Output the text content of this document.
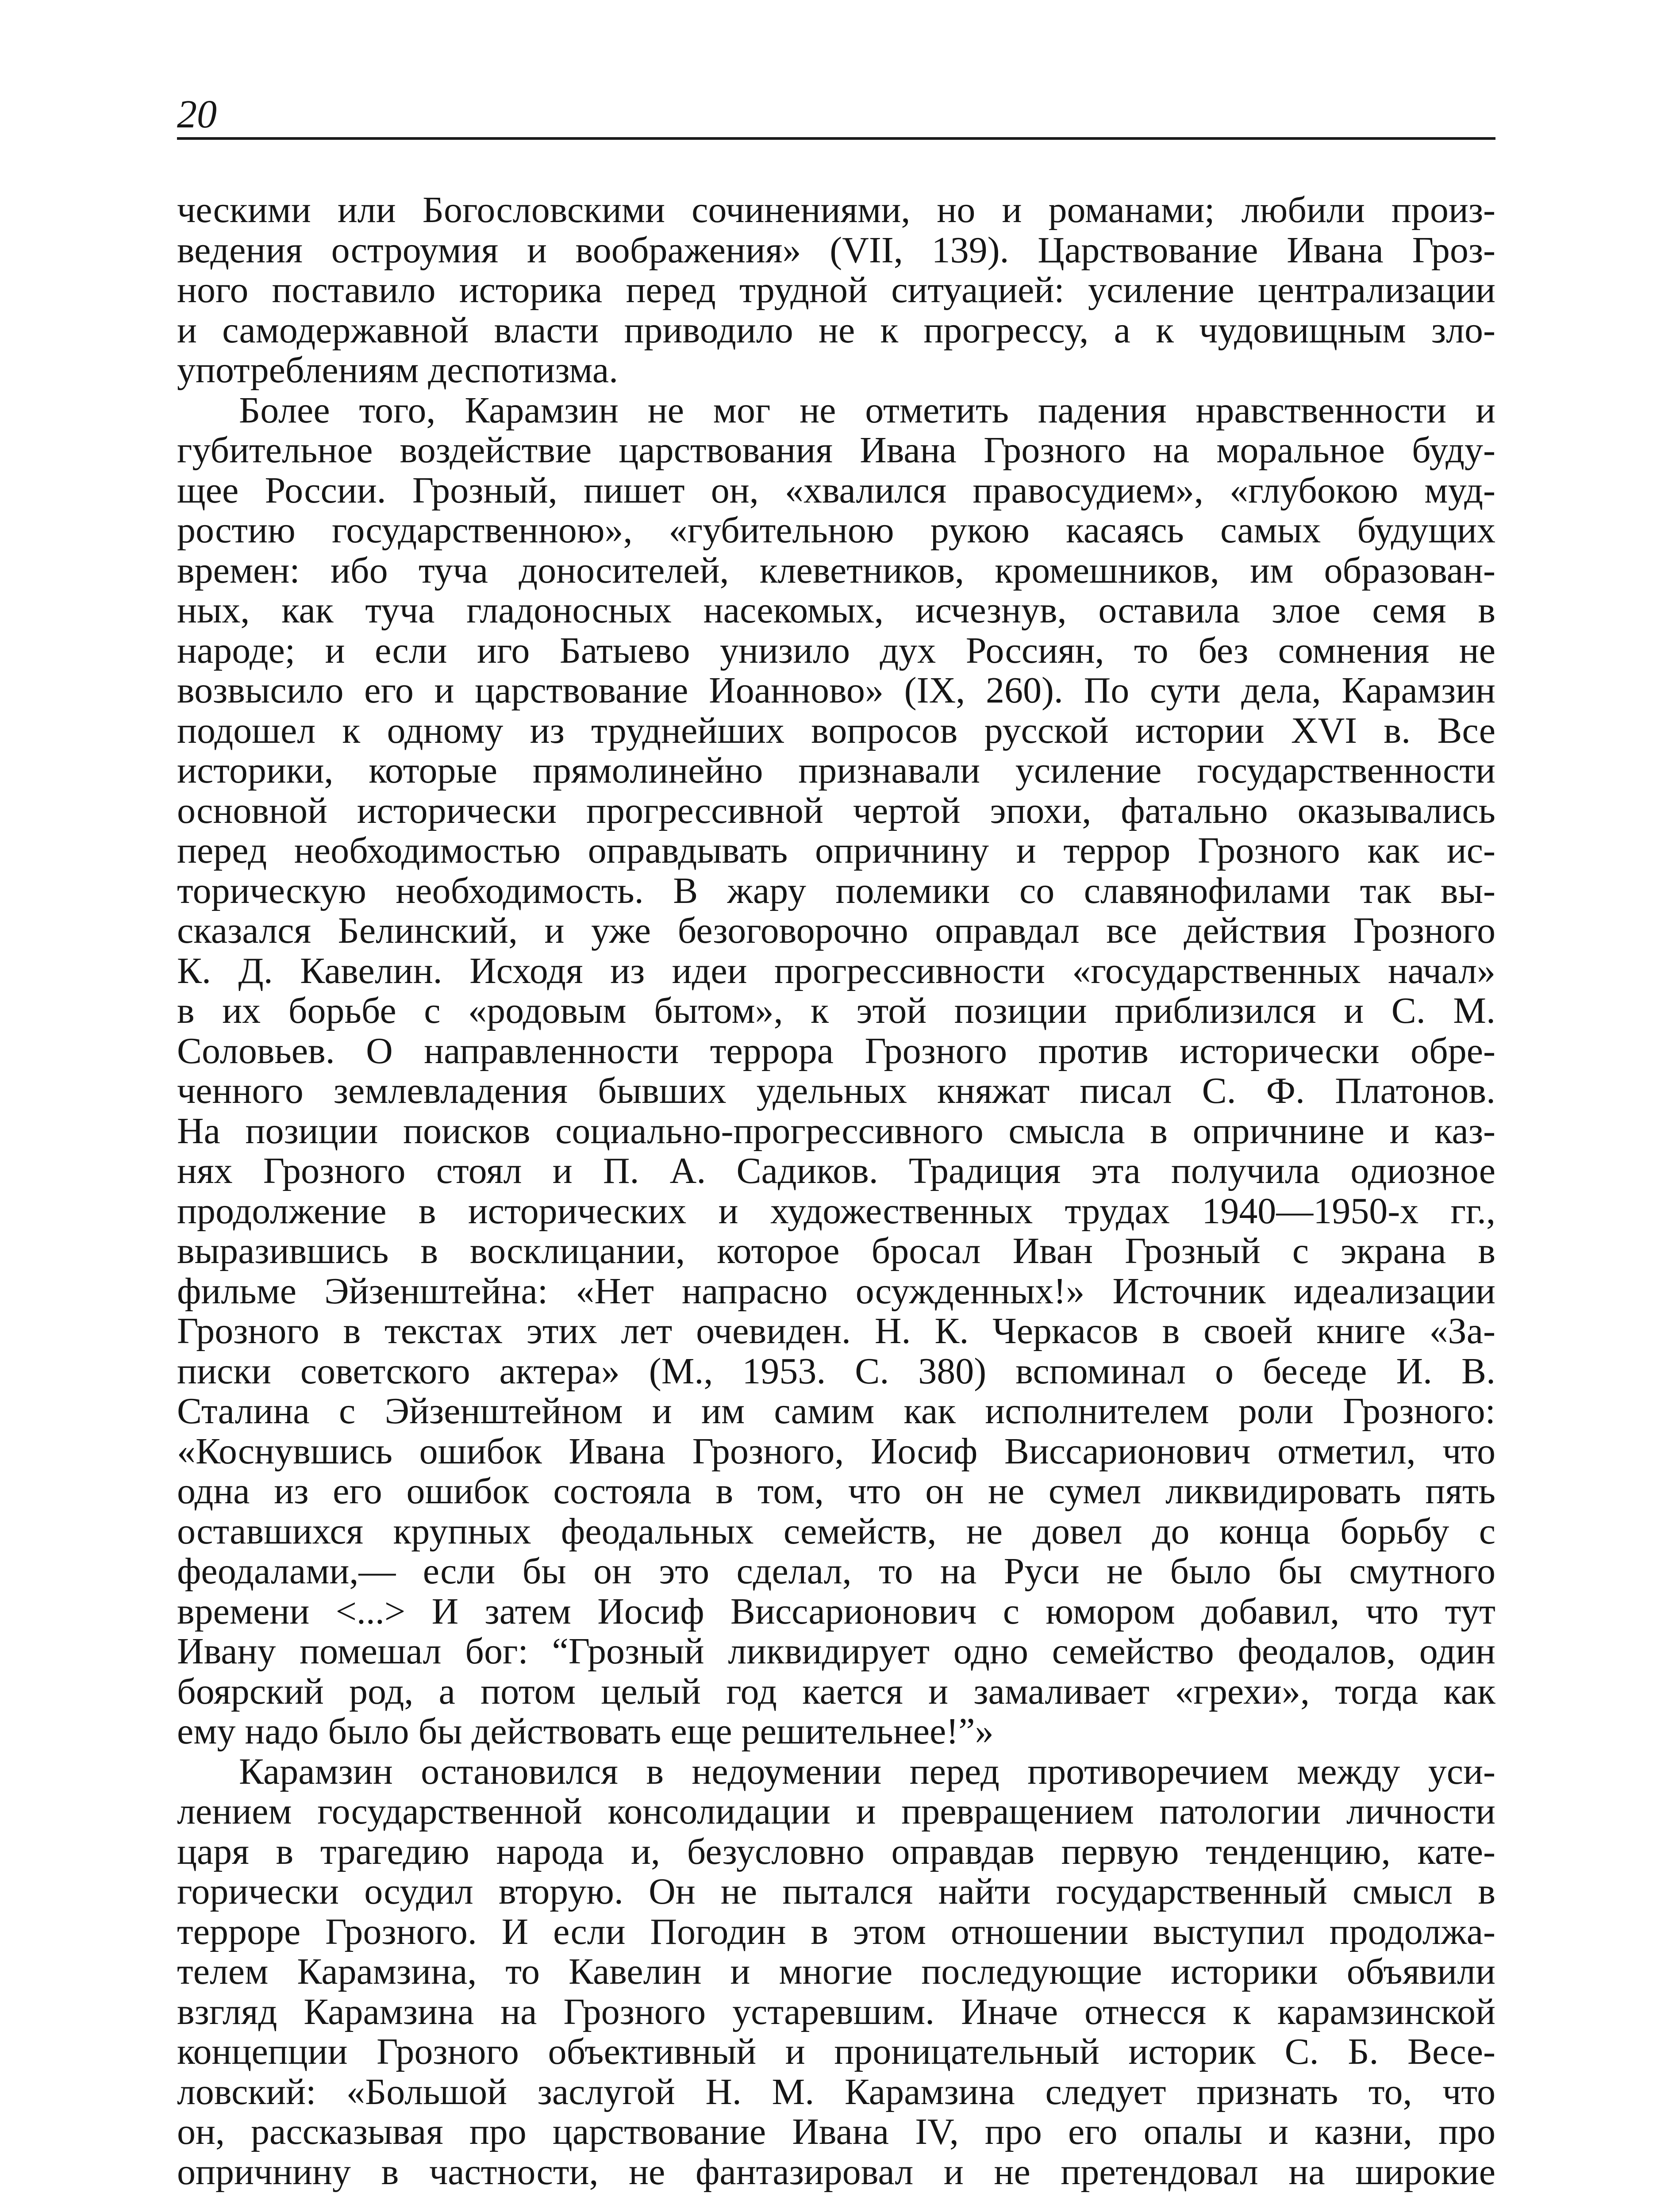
20
ческими или Богословскими сочинениями, но и романами; любили произ-
ведения остроумия и воображения» (VII, 139). Царствование Ивана Гроз-
ного поставило историка перед трудной ситуацией: усиление централизации
и самодержавной власти приводило не к прогрессу, а к чудовищным зло-
употреблениям деспотизма.
Более того, Карамзин не мог не отметить падения нравственности и
губительное воздействие царствования Ивана Грозного на моральное буду-
щее России. Грозный, пишет он, «хвалился правосудием», «глубокою муд-
ростию государственною», «губительною рукою касаясь самых будущих
времен: ибо туча доносителей, клеветников, кромешников, им образован-
ных, как туча гладоносных насекомых, исчезнув, оставила злое семя в
народе; и если иго Батыево унизило дух Россиян, то без сомнения не
возвысило его и царствование Иоанново» (IX, 260). По сути дела, Карамзин
подошел к одному из труднейших вопросов русской истории XVI в. Все
историки, которые прямолинейно признавали усиление государственности
основной исторически прогрессивной чертой эпохи, фатально оказывались
перед необходимостью оправдывать опричнину и террор Грозного как ис-
торическую необходимость. В жару полемики со славянофилами так вы-
сказался Белинский, и уже безоговорочно оправдал все действия Грозного
К. Д. Кавелин. Исходя из идеи прогрессивности «государственных начал»
в их борьбе с «родовым бытом», к этой позиции приблизился и С. М.
Соловьев. О направленности террора Грозного против исторически обре-
ченного землевладения бывших удельных княжат писал С. Ф. Платонов.
На позиции поисков социально-прогрессивного смысла в опричнине и каз-
нях Грозного стоял и П. А. Садиков. Традиция эта получила одиозное
продолжение в исторических и художественных трудах 1940—1950-х гг.,
выразившись в восклицании, которое бросал Иван Грозный с экрана в
фильме Эйзенштейна: «Нет напрасно осужденных!» Источник идеализации
Грозного в текстах этих лет очевиден. Н. К. Черкасов в своей книге «За-
писки советского актера» (М., 1953. С. 380) вспоминал о беседе И. В.
Сталина с Эйзенштейном и им самим как исполнителем роли Грозного:
«Коснувшись ошибок Ивана Грозного, Иосиф Виссарионович отметил, что
одна из его ошибок состояла в том, что он не сумел ликвидировать пять
оставшихся крупных феодальных семейств, не довел до конца борьбу с
феодалами,— если бы он это сделал, то на Руси не было бы смутного
времени <...> И затем Иосиф Виссарионович с юмором добавил, что тут
Ивану помешал бог: “Грозный ликвидирует одно семейство феодалов, один
боярский род, а потом целый год кается и замаливает «грехи», тогда как
ему надо было бы действовать еще решительнее!”»
Карамзин остановился в недоумении перед противоречием между уси-
лением государственной консолидации и превращением патологии личности
царя в трагедию народа и, безусловно оправдав первую тенденцию, кате-
горически осудил вторую. Он не пытался найти государственный смысл в
терроре Грозного. И если Погодин в этом отношении выступил продолжа-
телем Карамзина, то Кавелин и многие последующие историки объявили
взгляд Карамзина на Грозного устаревшим. Иначе отнесся к карамзинской
концепции Грозного объективный и проницательный историк С. Б. Весе-
ловский: «Большой заслугой Н. М. Карамзина следует признать то, что
он, рассказывая про царствование Ивана IV, про его опалы и казни, про
опричнину в частности, не фантазировал и не претендовал на широкие
